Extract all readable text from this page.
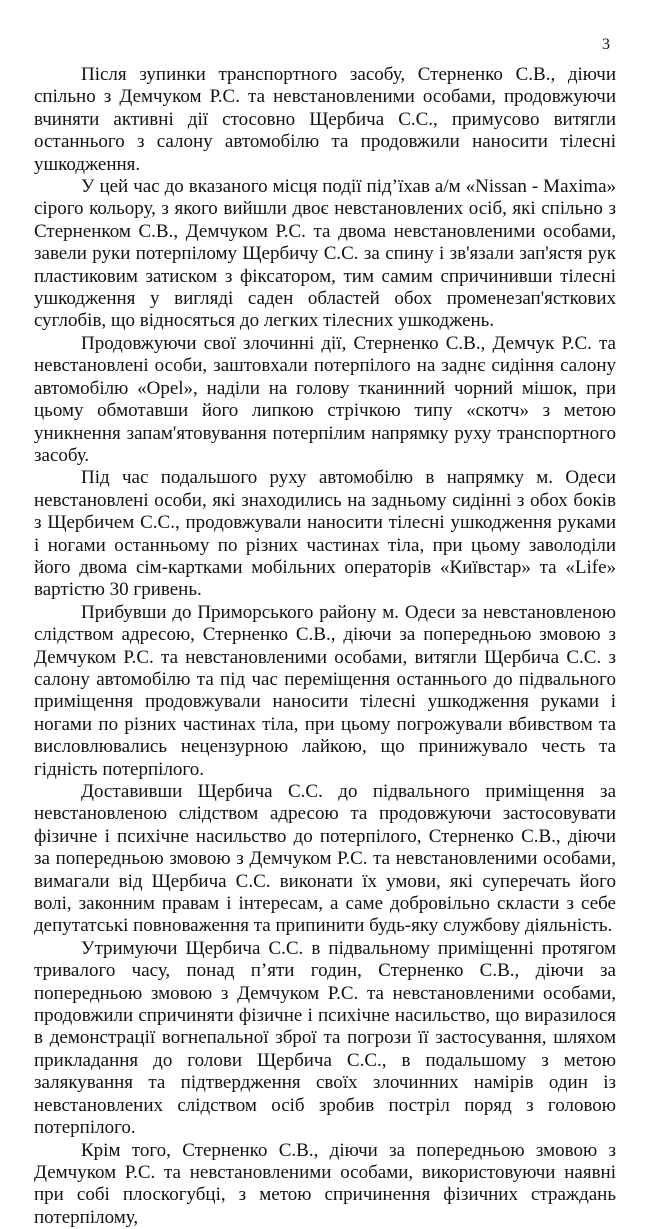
3

Після зупинки транспортного засобу, Стерненко С.В., діючи спільно з Демчуком Р.С. та невстановленими особами, продовжуючи вчиняти активні дії стосовно Щербича С.С., примусово витягли останнього з салону автомобілю та продовжили наносити тілесні ушкодження.

У цей час до вказаного місця події під’їхав а/м «Nissan - Maxima» сірого кольору, з якого вийшли двоє невстановлених осіб, які спільно з Стерненком С.В., Демчуком Р.С. та двома невстановленими особами, завели руки потерпілому Щербичу С.С. за спину і зв'язали зап'ястя рук пластиковим затиском з фіксатором, тим самим спричинивши тілесні ушкодження у вигляді саден областей обох променезап'ясткових суглобів, що відносяться до легких тілесних ушкоджень.

Продовжуючи свої злочинні дії, Стерненко С.В., Демчук Р.С. та невстановлені особи, заштовхали потерпілого на заднє сидіння салону автомобілю «Opel», наділи на голову тканинний чорний мішок, при цьому обмотавши його липкою стрічкою типу «скотч» з метою уникнення запам'ятовування потерпілим напрямку руху транспортного засобу.

Під час подальшого руху автомобілю в напрямку м. Одеси невстановлені особи, які знаходились на задньому сидінні з обох боків з Щербичем С.С., продовжували наносити тілесні ушкодження руками і ногами останньому по різних частинах тіла, при цьому заволоділи його двома сім-картками мобільних операторів «Київстар» та «Life» вартістю 30 гривень.

Прибувши до Приморського району м. Одеси за невстановленою слідством адресою, Стерненко С.В., діючи за попередньою змовою з Демчуком Р.С. та невстановленими особами, витягли Щербича С.С. з салону автомобілю та під час переміщення останнього до підвального приміщення продовжували наносити тілесні ушкодження руками і ногами по різних частинах тіла, при цьому погрожували вбивством та висловлювались нецензурною лайкою, що принижувало честь та гідність потерпілого.

Доставивши Щербича С.С. до підвального приміщення за невстановленою слідством адресою та продовжуючи застосовувати фізичне і психічне насильство до потерпілого, Стерненко С.В., діючи за попередньою змовою з Демчуком Р.С. та невстановленими особами, вимагали від Щербича С.С. виконати їх умови, які суперечать його волі, законним правам і інтересам, а саме добровільно скласти з себе депутатські повноваження та припинити будь-яку службову діяльність.

Утримуючи Щербича С.С. в підвальному приміщенні протягом тривалого часу, понад п’яти годин, Стерненко С.В., діючи за попередньою змовою з Демчуком Р.С. та невстановленими особами, продовжили спричиняти фізичне і психічне насильство, що виразилося в демонстрації вогнепальної зброї та погрози її застосування, шляхом прикладання до голови Щербича С.С., в подальшому з метою залякування та підтвердження своїх злочинних намірів один із невстановлених слідством осіб зробив постріл поряд з головою потерпілого.

Крім того, Стерненко С.В., діючи за попередньою змовою з Демчуком Р.С. та невстановленими особами, використовуючи наявні при собі плоскогубці, з метою спричинення фізичних страждань потерпілому,
